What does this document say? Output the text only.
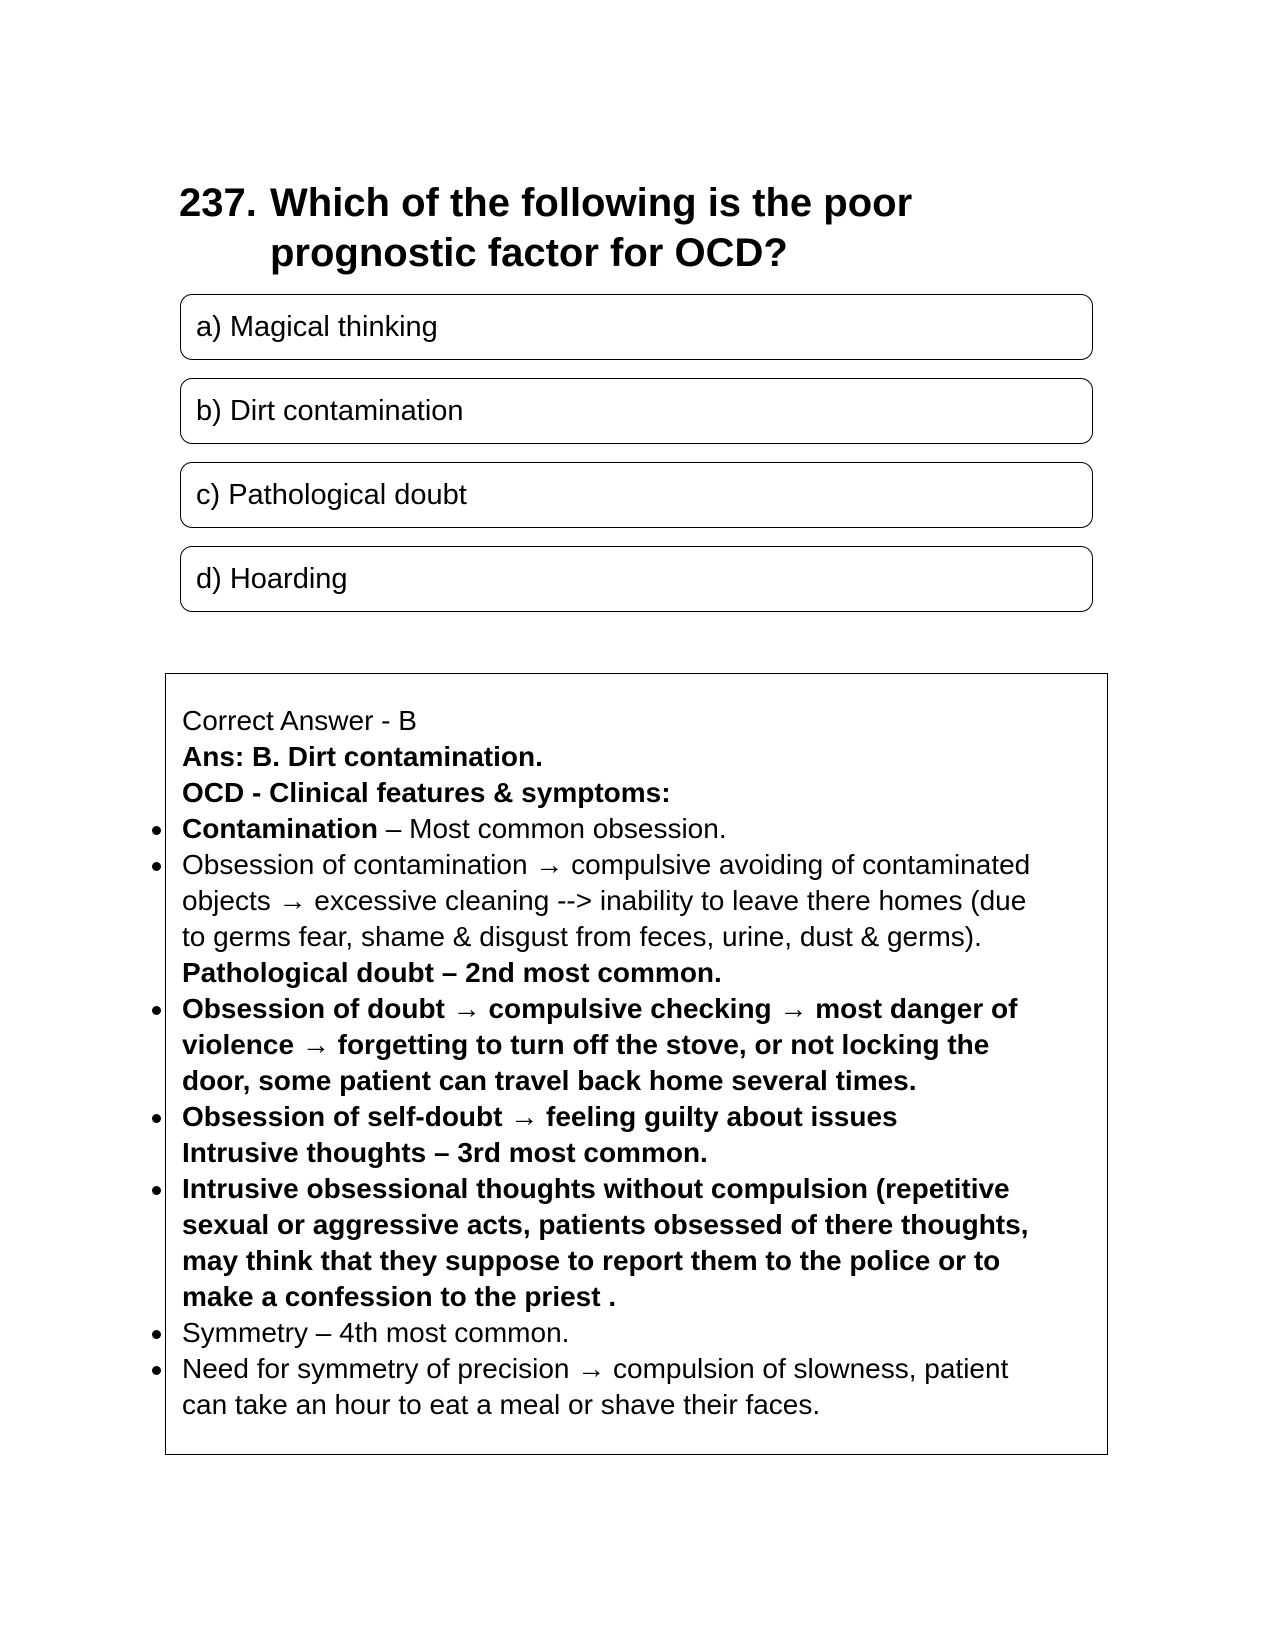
237. Which of the following is the poor
prognostic factor for OCD?
a) Magical thinking
b) Dirt contamination
c) Pathological doubt
d) Hoarding
Correct Answer - B
Ans: B. Dirt contamination.
OCD - Clinical features & symptoms:
Contamination – Most common obsession.
Obsession of contamination → compulsive avoiding of contaminated
objects → excessive cleaning --> inability to leave there homes (due
to germs fear, shame & disgust from feces, urine, dust & germs).
Pathological doubt – 2nd most common.
Obsession of doubt → compulsive checking → most danger of
violence → forgetting to turn off the stove, or not locking the
door, some patient can travel back home several times.
Obsession of self-doubt → feeling guilty about issues
Intrusive thoughts – 3rd most common.
Intrusive obsessional thoughts without compulsion (repetitive
sexual or aggressive acts, patients obsessed of there thoughts,
may think that they suppose to report them to the police or to
make a confession to the priest .
Symmetry – 4th most common.
Need for symmetry of precision → compulsion of slowness, patient
can take an hour to eat a meal or shave their faces.
